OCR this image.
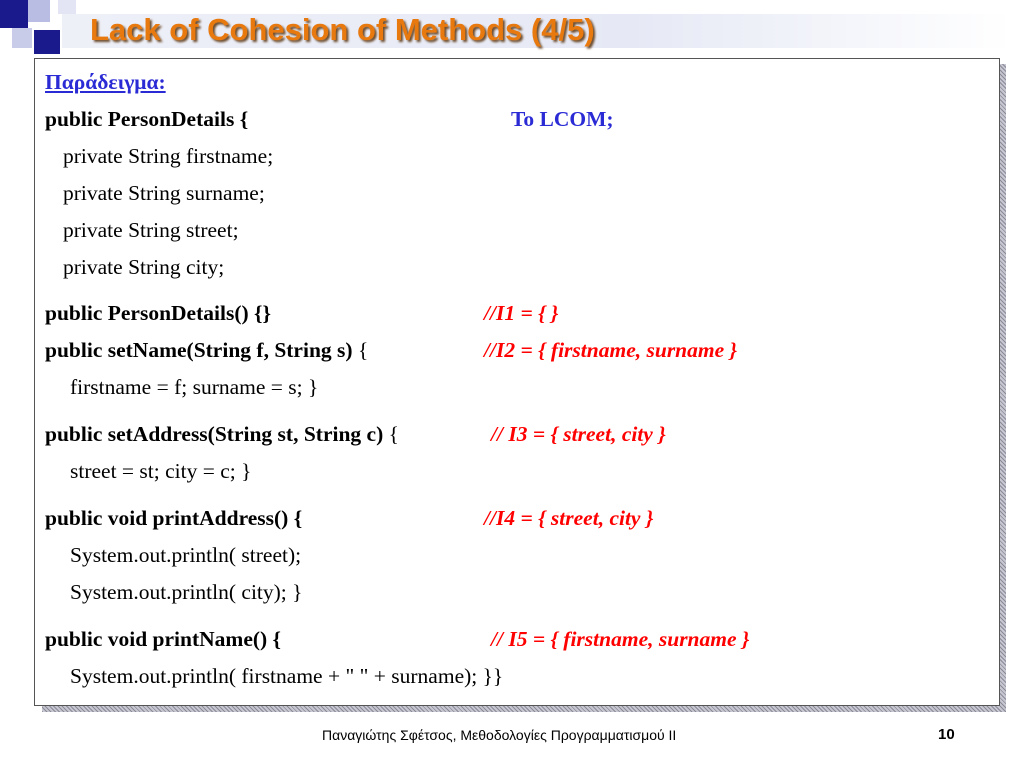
Lack of Cohesion of Methods (4/5)
Παράδειγμα:
public PersonDetails {	To LCOM;
private String firstname;
private String surname;
private String street;
private String city;
public PersonDetails() {}	//I1 = { }
public setName(String f, String s) {	//I2 = { firstname, surname }
firstname = f; surname = s; }
public setAddress(String st, String c) {	// I3 = { street, city }
street = st; city = c; }
public void printAddress() {	//I4 = { street, city }
System.out.println( street);
System.out.println( city); }
public void printName() {	// I5 = { firstname, surname }
System.out.println( firstname + " " + surname); }}
Παναγιώτης Σφέτσος, Μεθοδολογίες Προγραμματισμού ΙΙ	10
